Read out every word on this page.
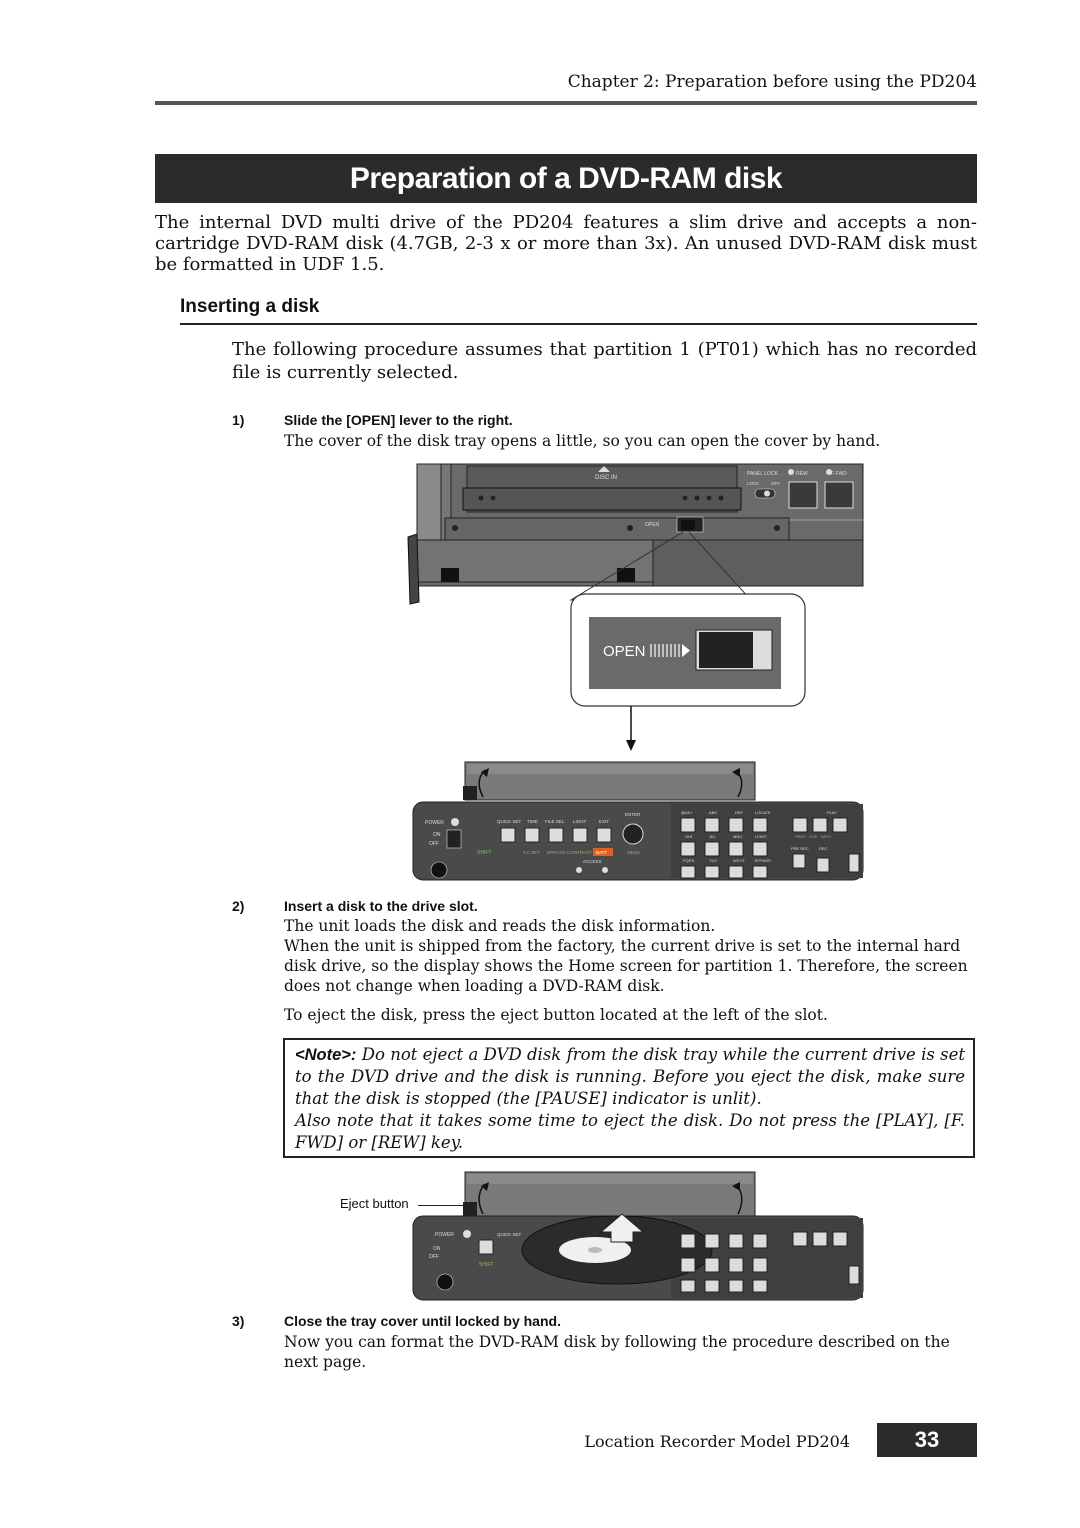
Chapter 2: Preparation before using the PD204
Preparation of a DVD-RAM disk
The internal DVD multi drive of the PD204 features a slim drive and accepts a non-cartridge DVD-RAM disk (4.7GB, 2-3 x or more than 3x). An unused DVD-RAM disk must be formatted in UDF 1.5.
Inserting a disk
The following procedure assumes that partition 1 (PT01) which has no recorded file is currently selected.
1)	Slide the [OPEN] lever to the right.
The cover of the disk tray opens a little, so you can open the cover by hand.
DISC IN
PANEL LOCK
LOCK	OFF
REW	F FWD
OPEN
OPEN
POWER
ON
OFF
QUICK SET TIME FILE SEL LIGHT	EXIT
ENTER
SHIFT	T.C SET DPM INV CONTRAST BATT	MENU
ACCESS
@#&+	ABC	DEF	LOCATE
GHI	JKL	MNO	LIGHT
PQRS	TUV	WXYZ	BYPASS
PREV CUE NEXT
PRE REC	REC
PLAY
2)	Insert a disk to the drive slot.
The unit loads the disk and reads the disk information.
When the unit is shipped from the factory, the current drive is set to the internal hard disk drive, so the display shows the Home screen for partition 1. Therefore, the screen does not change when loading a DVD-RAM disk.
To eject the disk, press the eject button located at the left of the slot.
<Note>: Do not eject a DVD disk from the disk tray while the current drive is set to the DVD drive and the disk is running. Before you eject the disk, make sure that the disk is stopped (the [PAUSE] indicator is unlit).
Also note that it takes some time to eject the disk. Do not press the [PLAY], [F. FWD] or [REW] key.
Eject button
POWER
ON
OFF
QUICK SET
SHIFT
3)	Close the tray cover until locked by hand.
Now you can format the DVD-RAM disk by following the procedure described on the next page.
Location Recorder Model PD204	33
